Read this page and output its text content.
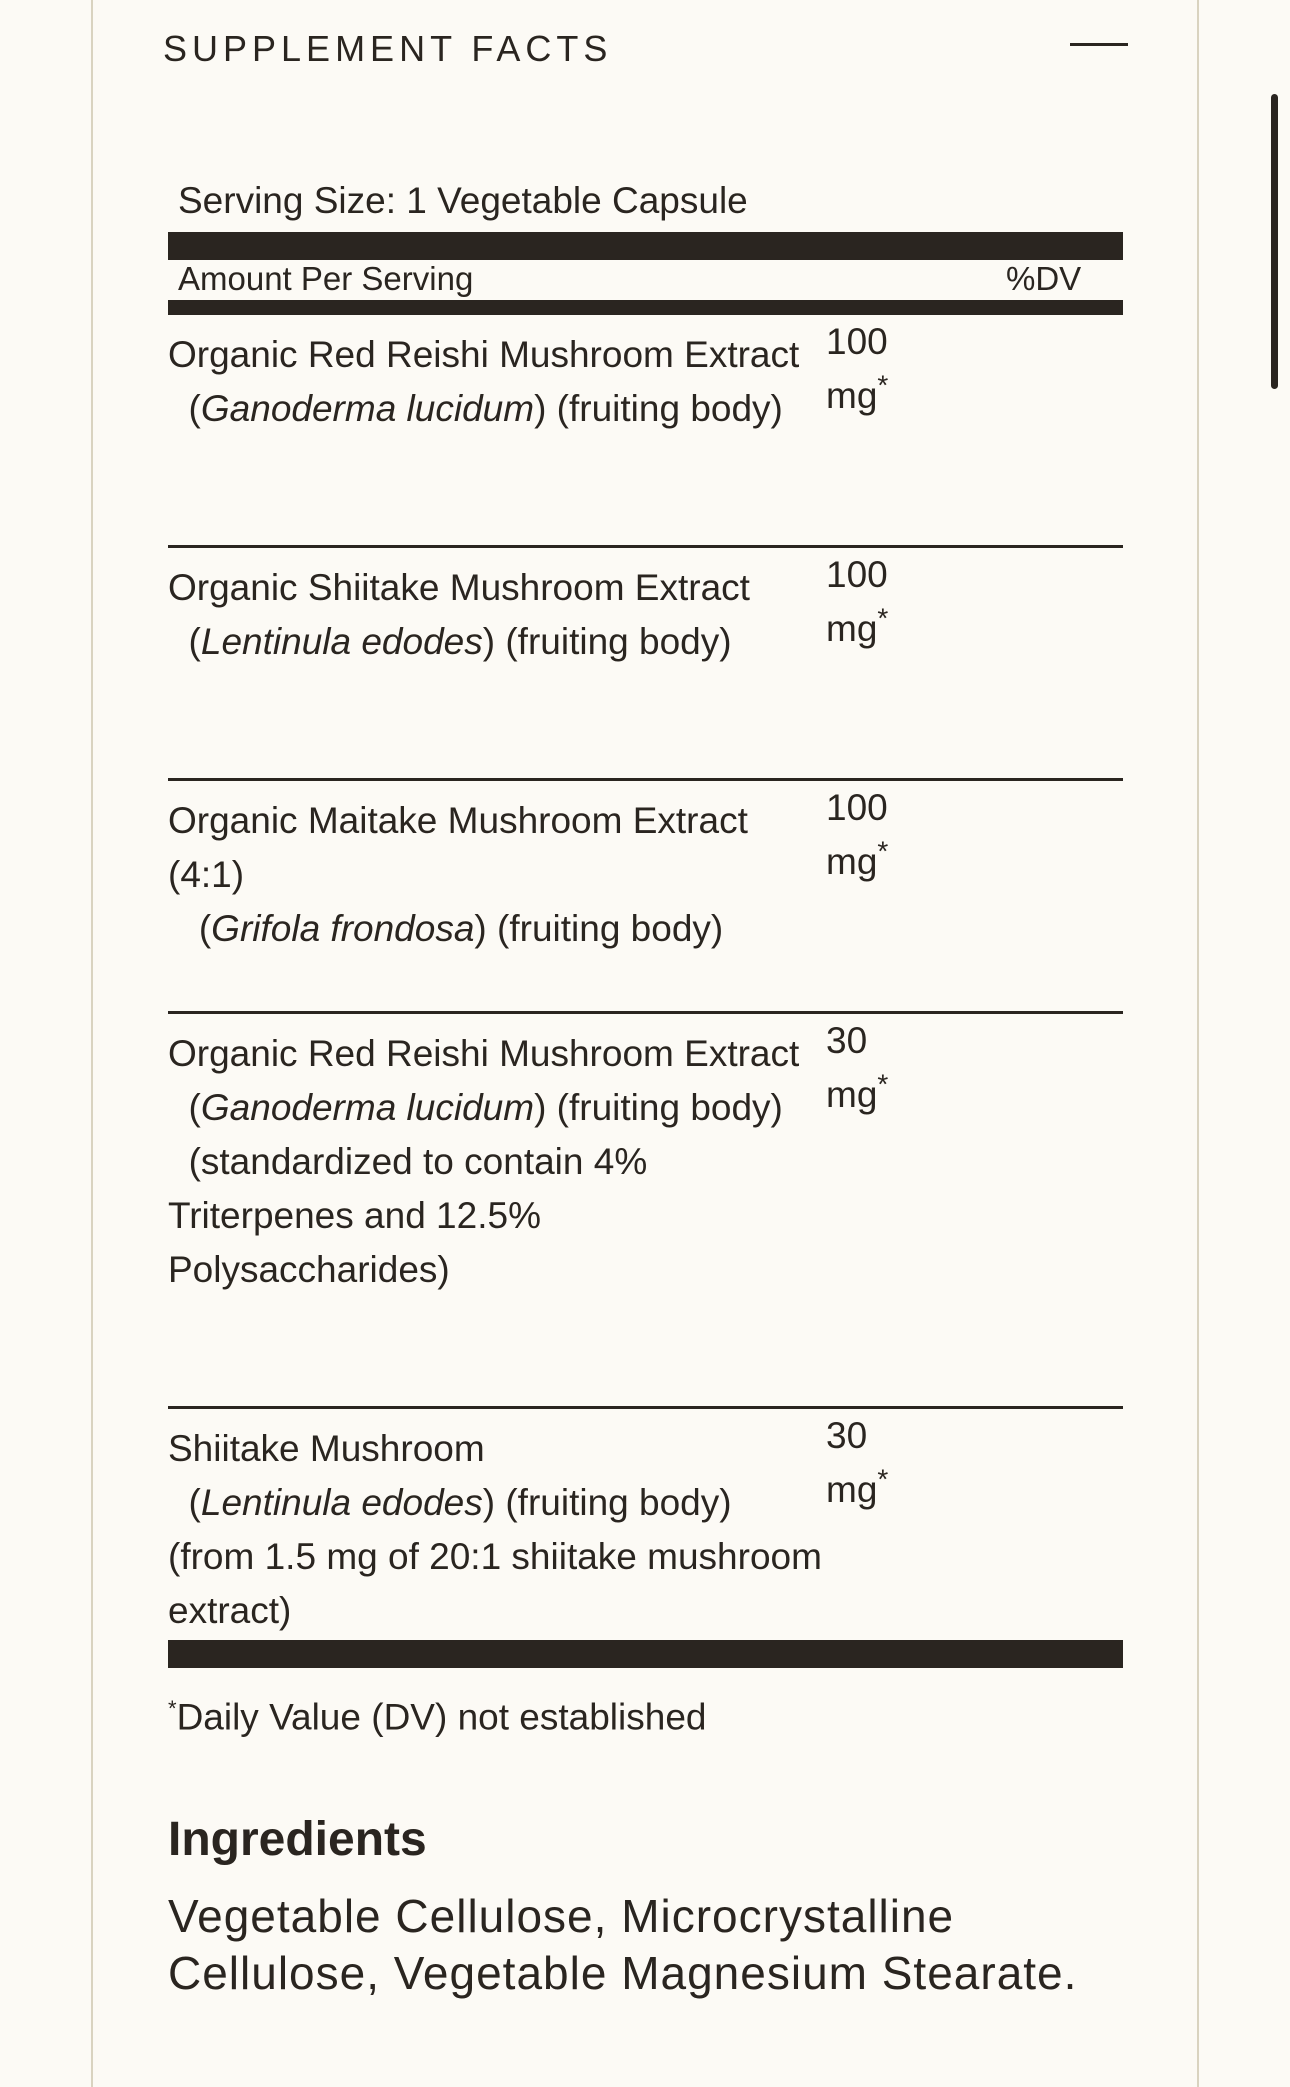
SUPPLEMENT FACTS
Serving Size: 1 Vegetable Capsule
Amount Per Serving	%DV
Organic Red Reishi Mushroom Extract
(Ganoderma lucidum) (fruiting body)
100
mg*
Organic Shiitake Mushroom Extract
(Lentinula edodes) (fruiting body)
100
mg*
Organic Maitake Mushroom Extract (4:1)
(Grifola frondosa) (fruiting body)
100
mg*
Organic Red Reishi Mushroom Extract
(Ganoderma lucidum) (fruiting body)
(standardized to contain 4% Triterpenes and 12.5% Polysaccharides)
30
mg*
Shiitake Mushroom
(Lentinula edodes) (fruiting body) (from 1.5 mg of 20:1 shiitake mushroom extract)
30
mg*
*Daily Value (DV) not established
Ingredients
Vegetable Cellulose, Microcrystalline Cellulose, Vegetable Magnesium Stearate.
